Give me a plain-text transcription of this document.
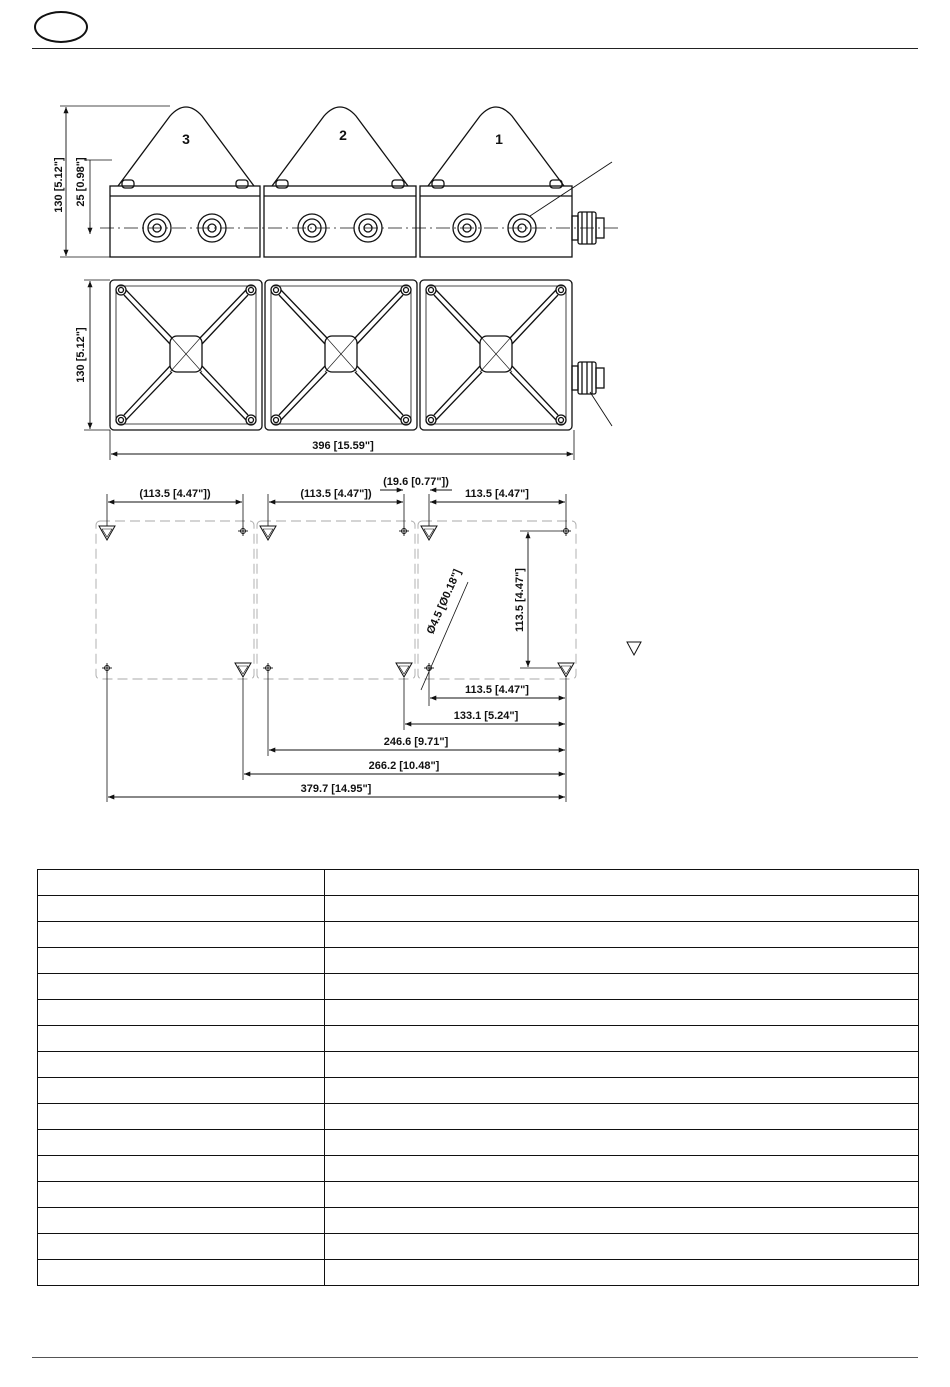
3	2	1
130 [5.12"] 25 [0.98"]
130 [5.12"]
396 [15.59"]
(113.5 [4.47"])	(113.5 [4.47"])
(19.6 [0.77"])
113.5 [4.47"]
Ø4.5 [Ø0.18"]	113.5 [4.47"]
113.5 [4.47"]
133.1 [5.24"]
246.6 [9.71"]
266.2 [10.48"]
379.7 [14.95"]
